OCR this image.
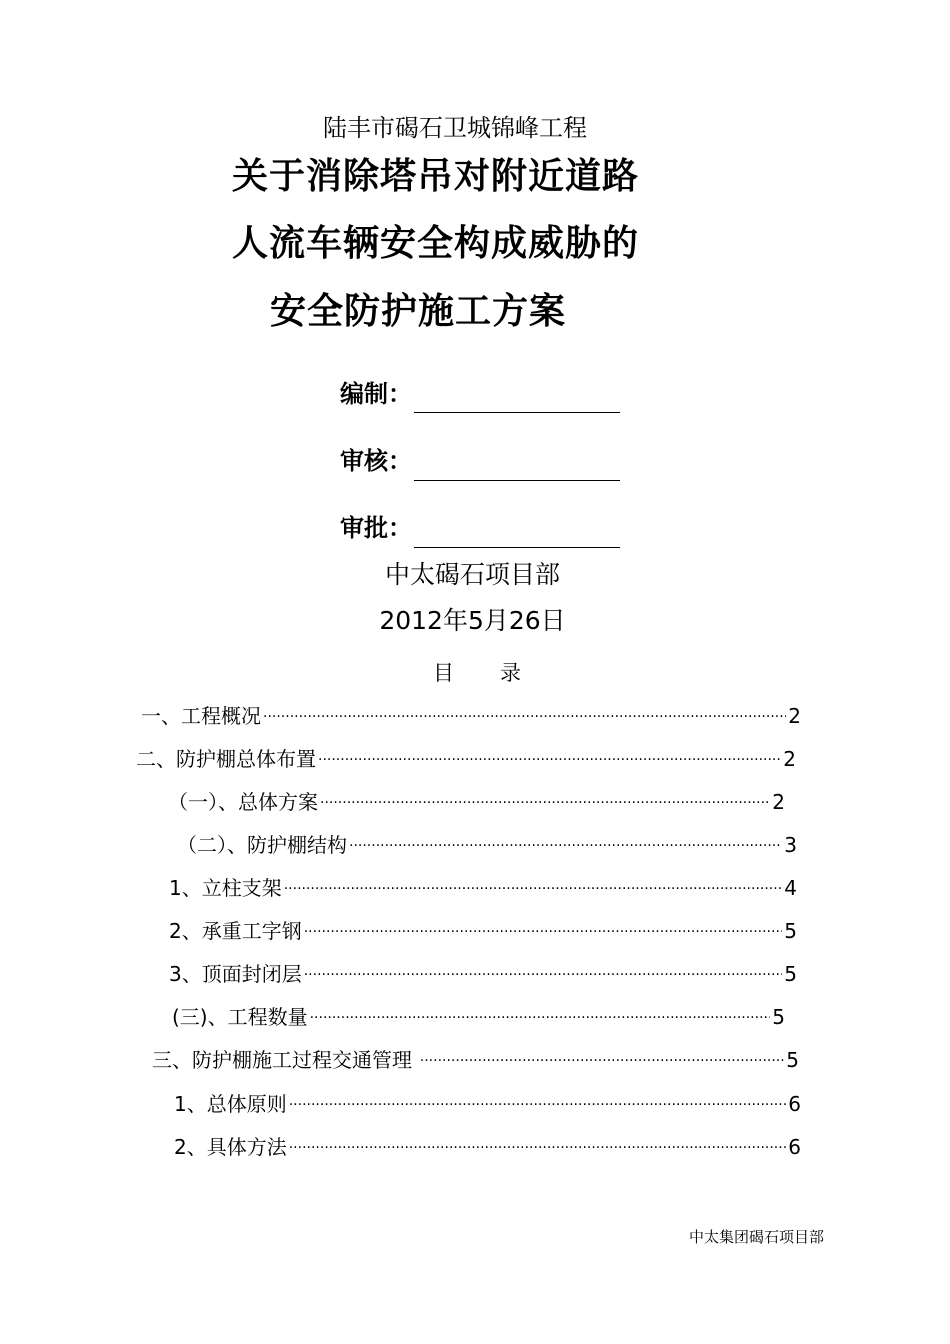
陆丰市碣石卫城锦峰工程
关于消除塔吊对附近道路
人流车辆安全构成威胁的
安全防护施工方案
编制：
审核：
审批：
中太碣石项目部
2012年5月26日
目 录
一、工程概况 ·····	2
二、防护棚总体布置 ·····	2
（一）、总体方案 ·····	2
（二）、防护棚结构 ·····	3
1、立柱支架 ·····	4
2、承重工字钢 ·····	5
3、顶面封闭层 ·····	5
(三)、工程数量 ·····	5
三、防护棚施工过程交通管理 ·····	5
1、总体原则 ·····	6
2、具体方法 ·····	6
中太集团碣石项目部
